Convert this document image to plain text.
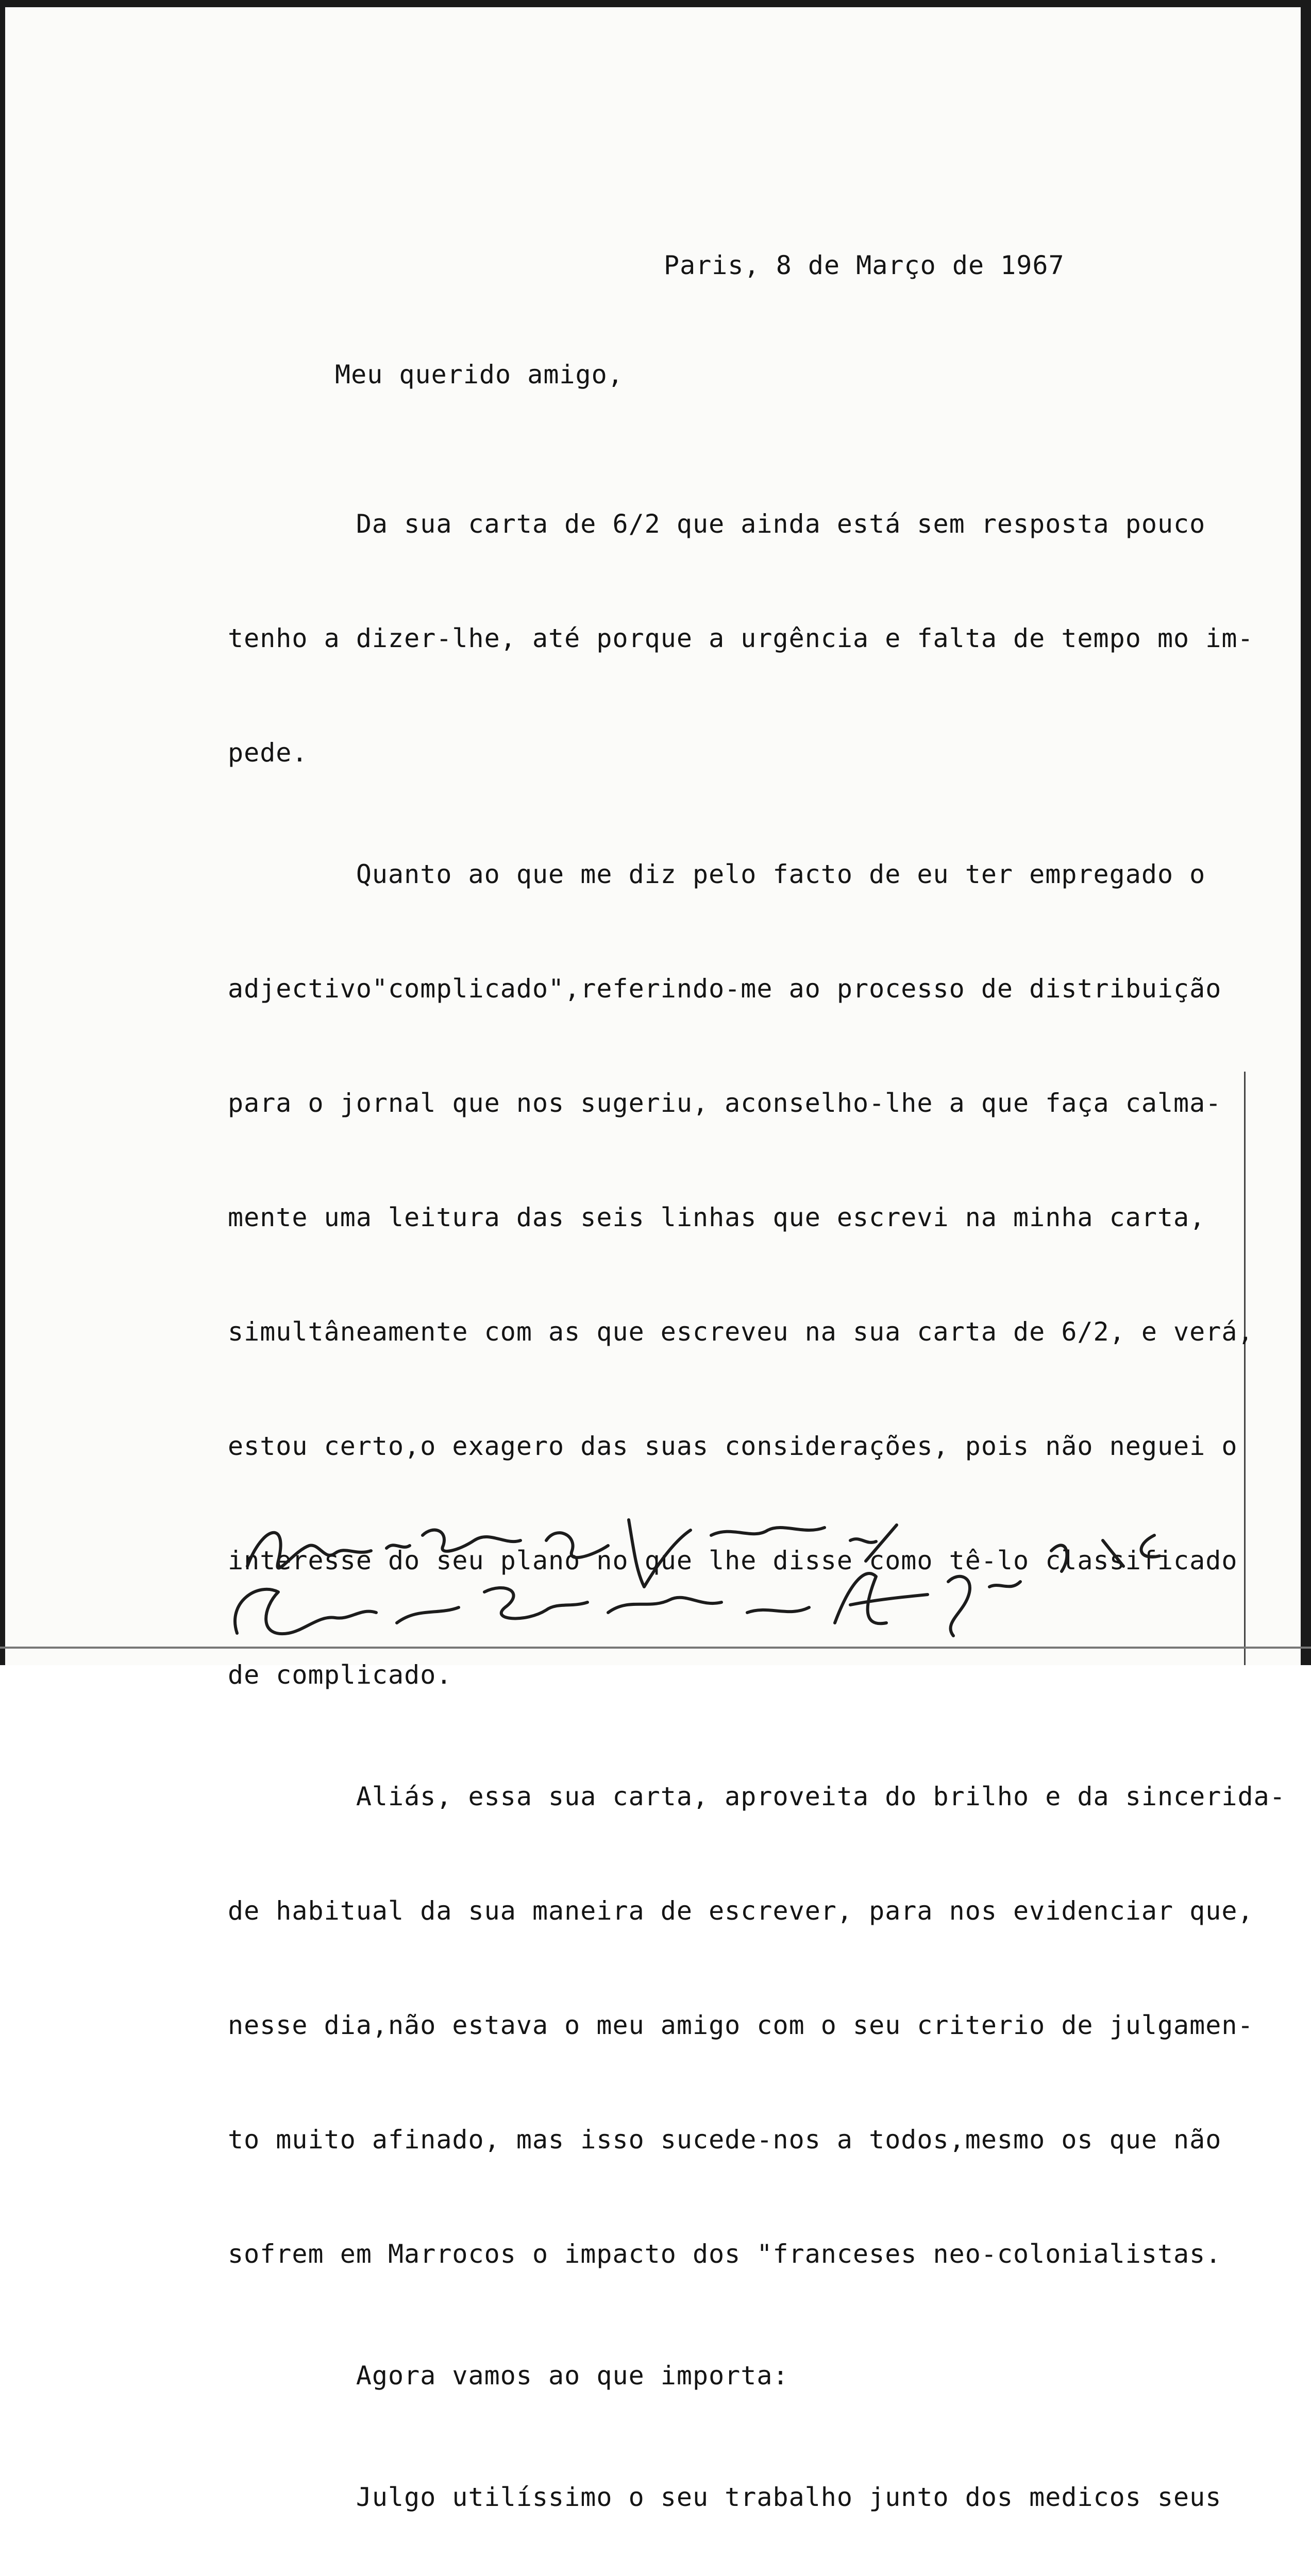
Paris, 8 de Março de 1967
Meu querido amigo,

Da sua carta de 6/2 que ainda está sem resposta pouco

tenho a dizer-lhe, até porque a urgência e falta de tempo mo im-

pede.

Quanto ao que me diz pelo facto de eu ter empregado o

adjectivo"complicado",referindo-me ao processo de distribuição

para o jornal que nos sugeriu, aconselho-lhe a que faça calma-

mente uma leitura das seis linhas que escrevi na minha carta,

simultâneamente com as que escreveu na sua carta de 6/2, e verá,

estou certo,o exagero das suas considerações, pois não neguei o

interesse do seu plano no que lhe disse como tê-lo classificado

de complicado.

Aliás, essa sua carta, aproveita do brilho e da sincerida-

de habitual da sua maneira de escrever, para nos evidenciar que,

nesse dia,não estava o meu amigo com o seu criterio de julgamen-

to muito afinado, mas isso sucede-nos a todos,mesmo os que não

sofrem em Marrocos o impacto dos "franceses neo-colonialistas.

Agora vamos ao que importa:

Julgo utilíssimo o seu trabalho junto dos medicos seus
